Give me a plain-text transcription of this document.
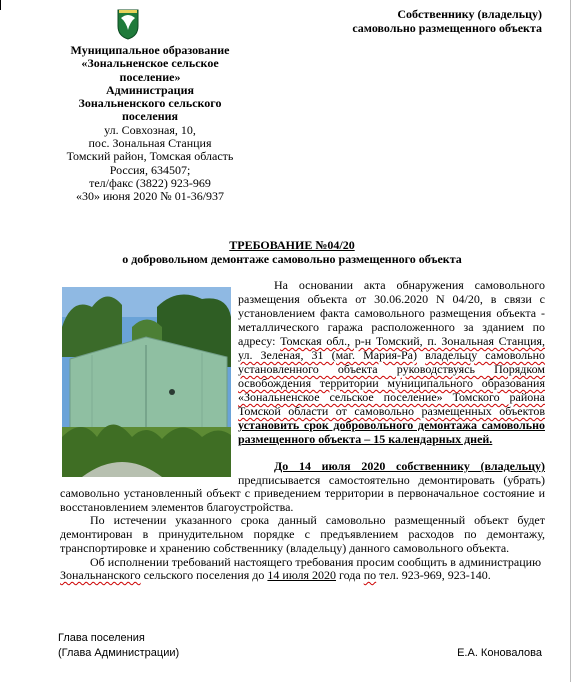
Собственнику (владельцу)
самовольно размещенного объекта
Муниципальное образование
«Зональненское сельское
поселение»
Администрация
Зональненского сельского
поселения
ул. Совхозная, 10,
пос. Зональная Станция
Томский район, Томская область
Россия, 634507;
тел/факс (3822) 923-969
«30» июня 2020 № 01-36/937
ТРЕБОВАНИЕ №04/20
о добровольном демонтаже самовольно размещенного объекта

На основании акта обнаружения самовольного размещения объекта от 30.06.2020 N 04/20, в связи с установлением факта самовольного размещения объекта - металлического гаража расположенного за зданием по адресу: Томская обл., р-н Томский, п. Зональная Станция, ул. Зеленая, 31 (маг. Мария-Ра) владельцу самовольно установленного объекта руководствуясь Порядком освобождения территории муниципального образования «Зональненское сельское поселение» Томского района Томской области от самовольно размещенных объектов установить срок добровольного демонтажа самовольно размещенного объекта – 15 календарных дней.

До 14 июля 2020 собственнику (владельцу)
предписывается самостоятельно демонтировать (убрать)

самовольно установленный объект с приведением территории в первоначальное состояние и восстановлением элементов благоустройства.

По истечении указанного срока данный самовольно размещенный объект будет демонтирован в принудительном порядке с предъявлением расходов по демонтажу, транспортировке и хранению собственнику (владельцу) данного самовольного объекта.

Об исполнении требований настоящего требования просим сообщить в администрацию
Зональнанского сельского поселения до 14 июля 2020 года по тел. 923-969, 923-140.

Глава поселения
(Глава Администрации)	Е.А. Коновалова
